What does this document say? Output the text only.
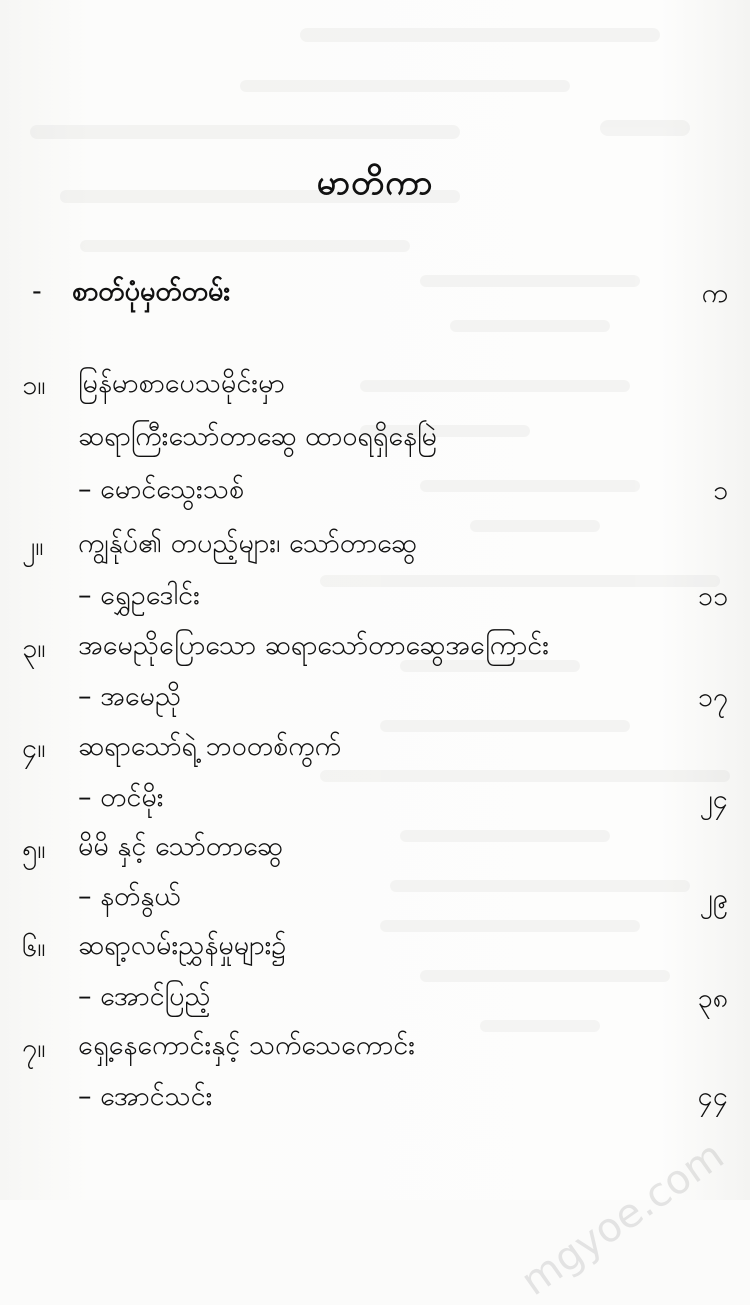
မာတိကာ
- စာတ်ပုံမှတ်တမ်း	က
၁။ မြန်မာစာပေသမိုင်းမှာ
ဆရာကြီးသော်တာဆွေ ထာဝရရှိနေမြဲ
– မောင်သွေးသစ်	၁
၂။ ကျွန်ုပ်၏ တပည့်များ၊ သော်တာဆွေ
– ရွှေဥဒေါင်း	၁၁
၃။ အမေညိုပြောသော ဆရာသော်တာဆွေအကြောင်း
– အမေညို	၁၇
၄။ ဆရာသော်ရဲ့ ဘဝတစ်ကွက်
– တင်မိုး	၂၄
၅။ မိမိ နှင့် သော်တာဆွေ
– နတ်နွယ်	၂၉
၆။ ဆရာ့လမ်းညွှန်မှုများ၌
– အောင်ပြည့်	၃၈
၇။ ရှေ့နေကောင်းနှင့် သက်သေကောင်း
– အောင်သင်း	၄၄
mgyoe.com
